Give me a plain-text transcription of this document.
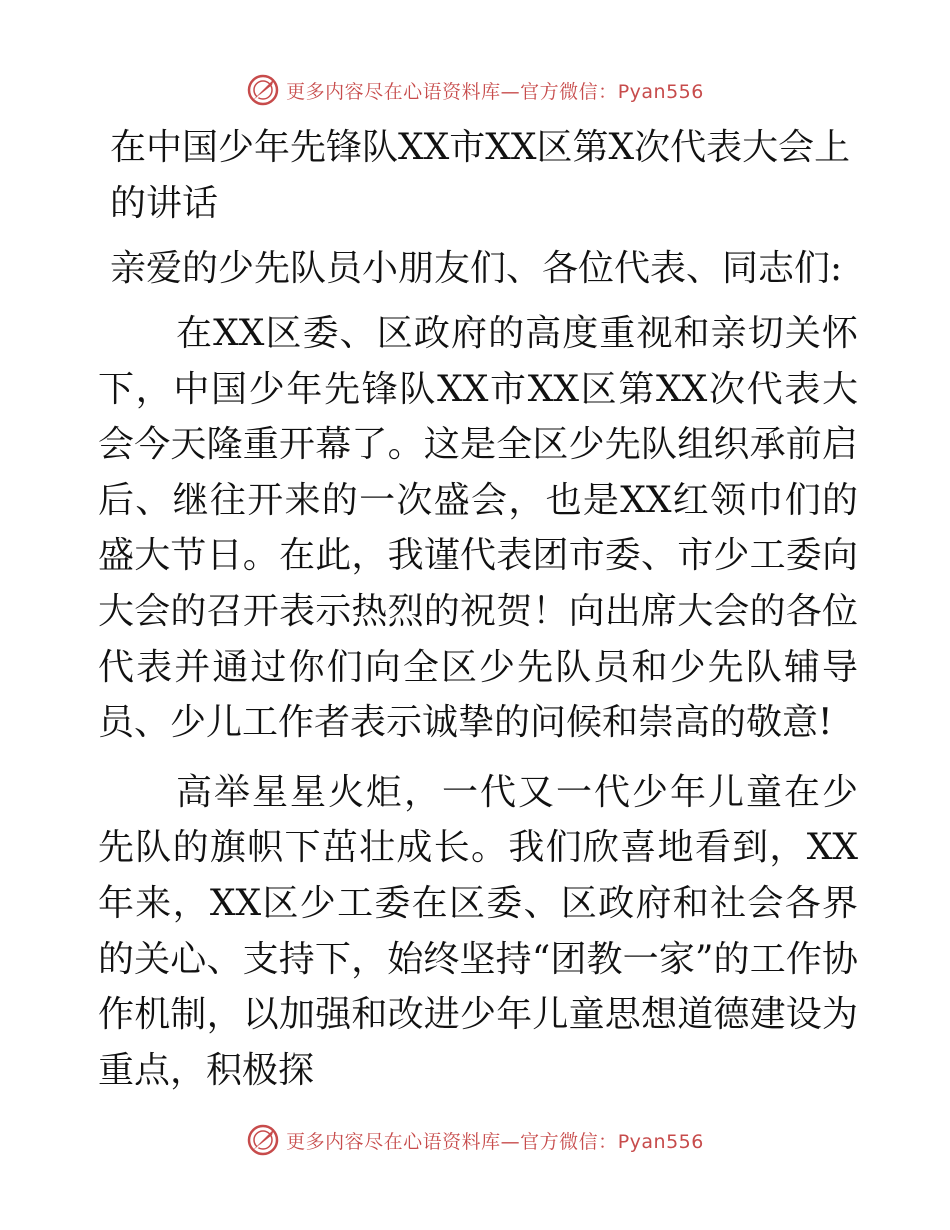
更多内容尽在心语资料库—官方微信：Pyan556
在中国少年先锋队XX市XX区第X次代表大会上的讲话
亲爱的少先队员小朋友们、各位代表、同志们:
在XX区委、区政府的高度重视和亲切关怀下，中国少年先锋队XX市XX区第XX次代表大会今天隆重开幕了。这是全区少先队组织承前启后、继往开来的一次盛会，也是XX红领巾们的盛大节日。在此，我谨代表团市委、市少工委向大会的召开表示热烈的祝贺！向出席大会的各位代表并通过你们向全区少先队员和少先队辅导员、少儿工作者表示诚挚的问候和崇高的敬意!
高举星星火炬，一代又一代少年儿童在少先队的旗帜下茁壮成长。我们欣喜地看到，XX年来，XX区少工委在区委、区政府和社会各界的关心、支持下，始终坚持“团教一家”的工作协作机制，以加强和改进少年儿童思想道德建设为重点，积极探
更多内容尽在心语资料库—官方微信：Pyan556
